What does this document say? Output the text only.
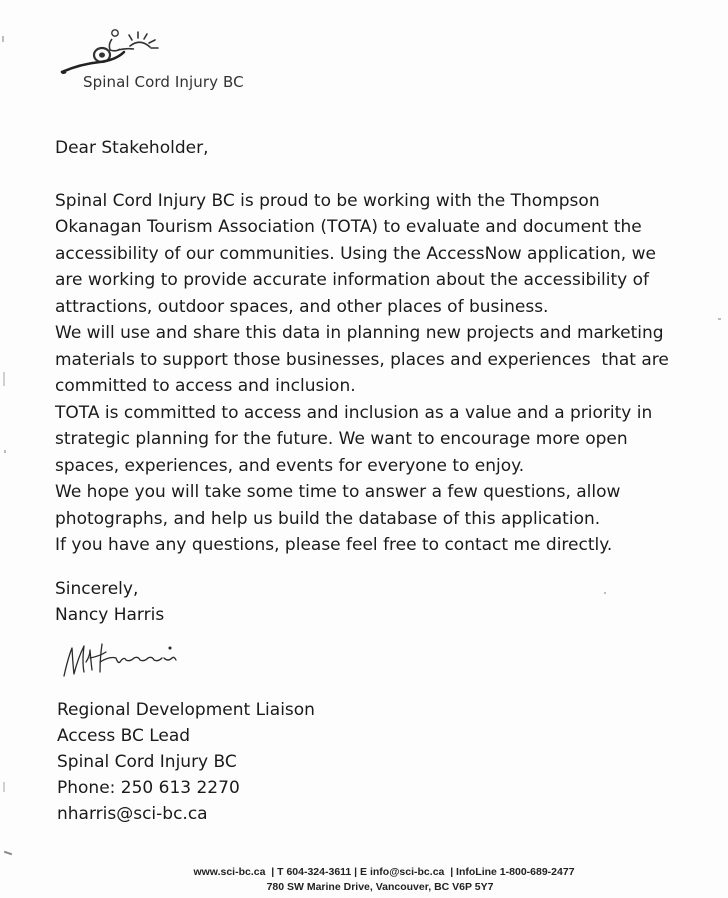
Spinal Cord Injury BC
Dear Stakeholder,
Spinal Cord Injury BC is proud to be working with the Thompson
Okanagan Tourism Association (TOTA) to evaluate and document the
accessibility of our communities. Using the AccessNow application, we
are working to provide accurate information about the accessibility of
attractions, outdoor spaces, and other places of business.
We will use and share this data in planning new projects and marketing
materials to support those businesses, places and experiences  that are
committed to access and inclusion.
TOTA is committed to access and inclusion as a value and a priority in
strategic planning for the future. We want to encourage more open
spaces, experiences, and events for everyone to enjoy.
We hope you will take some time to answer a few questions, allow
photographs, and help us build the database of this application.
If you have any questions, please feel free to contact me directly.
Sincerely,
Nancy Harris
Regional Development Liaison
Access BC Lead
Spinal Cord Injury BC
Phone: 250 613 2270
nharris@sci-bc.ca
www.sci-bc.ca  | T 604-324-3611 | E info@sci-bc.ca  | InfoLine 1-800-689-2477
780 SW Marine Drive, Vancouver, BC V6P 5Y7
